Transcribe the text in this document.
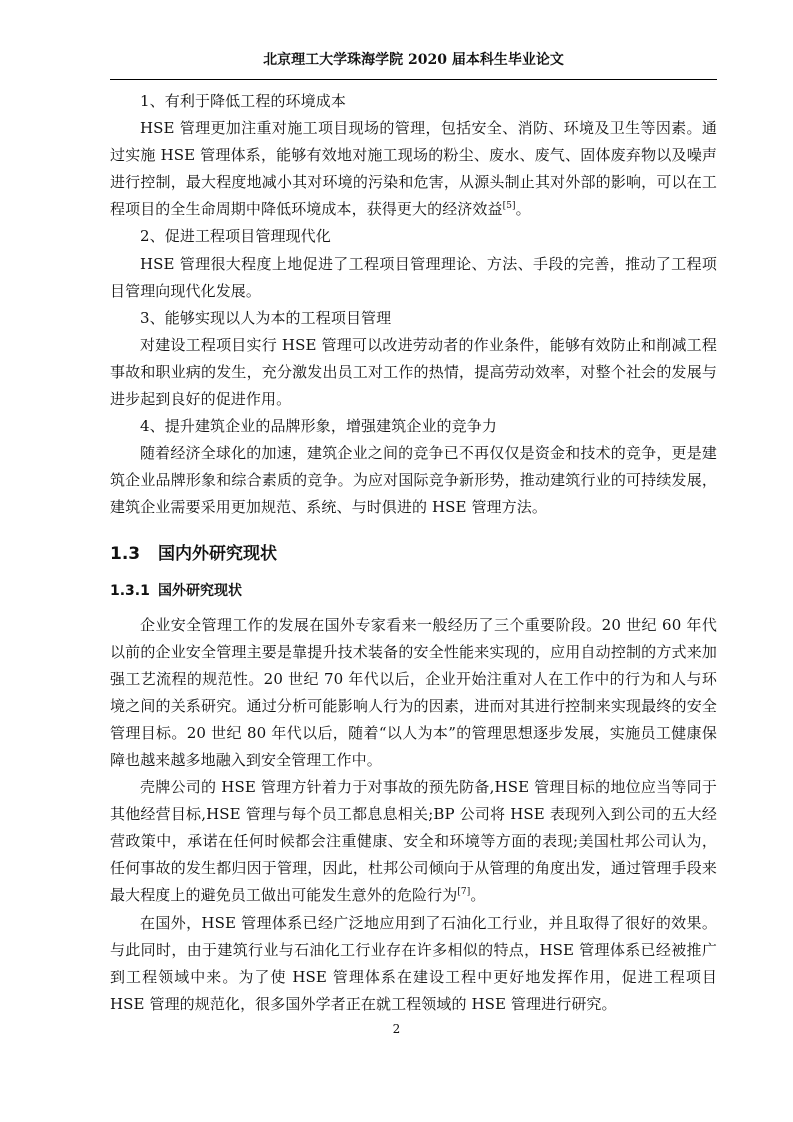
北京理工大学珠海学院 2020 届本科生毕业论文

1、有利于降低工程的环境成本

HSE 管理更加注重对施工项目现场的管理，包括安全、消防、环境及卫生等因素。通过实施 HSE 管理体系，能够有效地对施工现场的粉尘、废水、废气、固体废弃物以及噪声进行控制，最大程度地减小其对环境的污染和危害，从源头制止其对外部的影响，可以在工程项目的全生命周期中降低环境成本，获得更大的经济效益[5]。

2、促进工程项目管理现代化

HSE 管理很大程度上地促进了工程项目管理理论、方法、手段的完善，推动了工程项目管理向现代化发展。

3、能够实现以人为本的工程项目管理

对建设工程项目实行 HSE 管理可以改进劳动者的作业条件，能够有效防止和削减工程事故和职业病的发生，充分激发出员工对工作的热情，提高劳动效率，对整个社会的发展与进步起到良好的促进作用。

4、提升建筑企业的品牌形象，增强建筑企业的竞争力

随着经济全球化的加速，建筑企业之间的竞争已不再仅仅是资金和技术的竞争，更是建筑企业品牌形象和综合素质的竞争。为应对国际竞争新形势，推动建筑行业的可持续发展，建筑企业需要采用更加规范、系统、与时俱进的 HSE 管理方法。

1.3 国内外研究现状
1.3.1 国外研究现状

企业安全管理工作的发展在国外专家看来一般经历了三个重要阶段。20 世纪 60 年代以前的企业安全管理主要是靠提升技术装备的安全性能来实现的，应用自动控制的方式来加强工艺流程的规范性。20 世纪 70 年代以后，企业开始注重对人在工作中的行为和人与环境之间的关系研究。通过分析可能影响人行为的因素，进而对其进行控制来实现最终的安全管理目标。20 世纪 80 年代以后，随着“以人为本”的管理思想逐步发展，实施员工健康保障也越来越多地融入到安全管理工作中。

壳牌公司的 HSE 管理方针着力于对事故的预先防备,HSE 管理目标的地位应当等同于其他经营目标,HSE 管理与每个员工都息息相关;BP 公司将 HSE 表现列入到公司的五大经营政策中，承诺在任何时候都会注重健康、安全和环境等方面的表现;美国杜邦公司认为，任何事故的发生都归因于管理，因此，杜邦公司倾向于从管理的角度出发，通过管理手段来最大程度上的避免员工做出可能发生意外的危险行为[7]。

在国外，HSE 管理体系已经广泛地应用到了石油化工行业，并且取得了很好的效果。与此同时，由于建筑行业与石油化工行业存在许多相似的特点，HSE 管理体系已经被推广到工程领域中来。为了使 HSE 管理体系在建设工程中更好地发挥作用，促进工程项目 HSE 管理的规范化，很多国外学者正在就工程领域的 HSE 管理进行研究。

2
